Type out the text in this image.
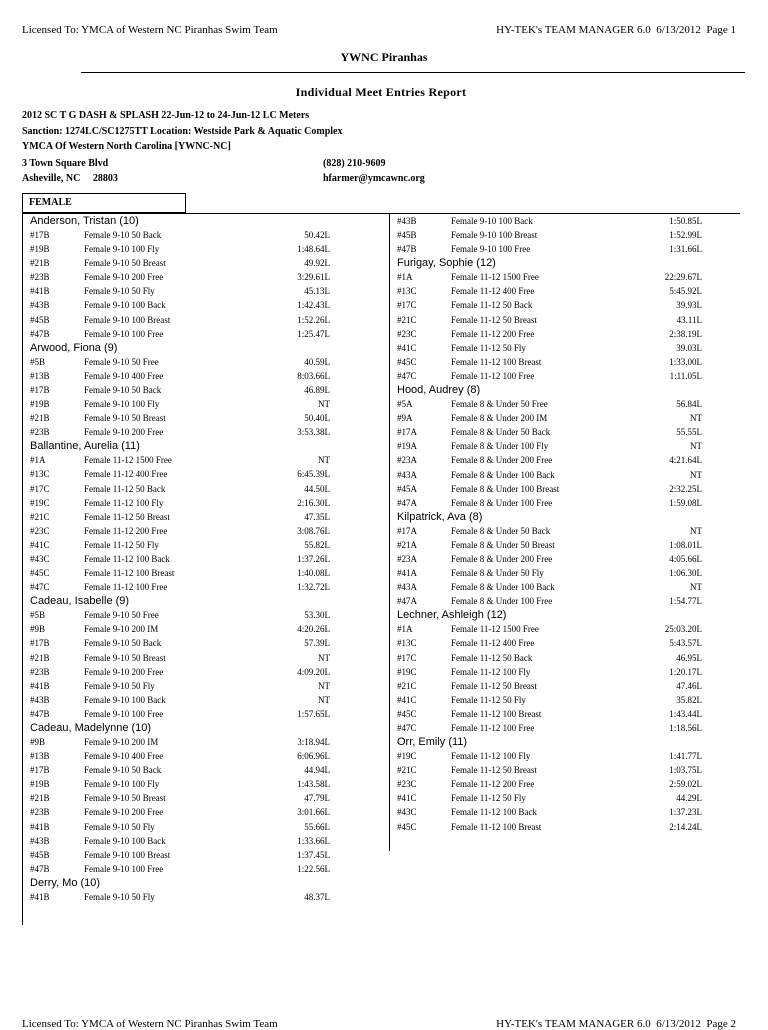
Licensed To: YMCA of Western NC Piranhas Swim Team	HY-TEK's TEAM MANAGER 6.0 6/13/2012 Page 1
YWNC Piranhas
Individual Meet Entries Report
2012 SC T G DASH & SPLASH 22-Jun-12 to 24-Jun-12 LC Meters
Sanction: 1274LC/SC1275TT Location: Westside Park & Aquatic Complex
YMCA Of Western North Carolina [YWNC-NC]
3 Town Square Blvd
Asheville, NC     28803
(828) 210-9609
hfarmer@ymcawnc.org
FEMALE
Anderson, Tristan (10)
#17B	Female 9-10 50 Back	50.42L
#19B	Female 9-10 100 Fly	1:48.64L
#21B	Female 9-10 50 Breast	49.92L
#23B	Female 9-10 200 Free	3:29.61L
#41B	Female 9-10 50 Fly	45.13L
#43B	Female 9-10 100 Back	1:42.43L
#45B	Female 9-10 100 Breast	1:52.26L
#47B	Female 9-10 100 Free	1:25.47L
Arwood, Fiona (9)
#5B	Female 9-10 50 Free	40.59L
#13B	Female 9-10 400 Free	8:03.66L
#17B	Female 9-10 50 Back	46.89L
#19B	Female 9-10 100 Fly	NT
#21B	Female 9-10 50 Breast	50.40L
#23B	Female 9-10 200 Free	3:53.38L
Ballantine, Aurelia (11)
#1A	Female 11-12 1500 Free	NT
#13C	Female 11-12 400 Free	6:45.39L
#17C	Female 11-12 50 Back	44.50L
#19C	Female 11-12 100 Fly	2:16.30L
#21C	Female 11-12 50 Breast	47.35L
#23C	Female 11-12 200 Free	3:08.76L
#41C	Female 11-12 50 Fly	55.82L
#43C	Female 11-12 100 Back	1:37.26L
#45C	Female 11-12 100 Breast	1:40.08L
#47C	Female 11-12 100 Free	1:32.72L
Cadeau, Isabelle (9)
#5B	Female 9-10 50 Free	53.30L
#9B	Female 9-10 200 IM	4:20.26L
#17B	Female 9-10 50 Back	57.39L
#21B	Female 9-10 50 Breast	NT
#23B	Female 9-10 200 Free	4:09.20L
#41B	Female 9-10 50 Fly	NT
#43B	Female 9-10 100 Back	NT
#47B	Female 9-10 100 Free	1:57.65L
Cadeau, Madelynne (10)
#9B	Female 9-10 200 IM	3:18.94L
#13B	Female 9-10 400 Free	6:06.96L
#17B	Female 9-10 50 Back	44.94L
#19B	Female 9-10 100 Fly	1:43.58L
#21B	Female 9-10 50 Breast	47.79L
#23B	Female 9-10 200 Free	3:01.66L
#41B	Female 9-10 50 Fly	55.66L
#43B	Female 9-10 100 Back	1:33.66L
#45B	Female 9-10 100 Breast	1:37.45L
#47B	Female 9-10 100 Free	1:22.56L
Derry, Mo (10)
#41B	Female 9-10 50 Fly	48.37L
#43B	Female 9-10 100 Back	1:50.85L
#45B	Female 9-10 100 Breast	1:52.99L
#47B	Female 9-10 100 Free	1:31.66L
Furigay, Sophie (12)
#1A	Female 11-12 1500 Free	22:29.67L
#13C	Female 11-12 400 Free	5:45.92L
#17C	Female 11-12 50 Back	39.93L
#21C	Female 11-12 50 Breast	43.11L
#23C	Female 11-12 200 Free	2:38.19L
#41C	Female 11-12 50 Fly	39.03L
#45C	Female 11-12 100 Breast	1:33.00L
#47C	Female 11-12 100 Free	1:11.05L
Hood, Audrey (8)
#5A	Female 8 & Under 50 Free	56.84L
#9A	Female 8 & Under 200 IM	NT
#17A	Female 8 & Under 50 Back	55.55L
#19A	Female 8 & Under 100 Fly	NT
#23A	Female 8 & Under 200 Free	4:21.64L
#43A	Female 8 & Under 100 Back	NT
#45A	Female 8 & Under 100 Breast	2:32.25L
#47A	Female 8 & Under 100 Free	1:59.08L
Kilpatrick, Ava (8)
#17A	Female 8 & Under 50 Back	NT
#21A	Female 8 & Under 50 Breast	1:08.01L
#23A	Female 8 & Under 200 Free	4:05.66L
#41A	Female 8 & Under 50 Fly	1:06.30L
#43A	Female 8 & Under 100 Back	NT
#47A	Female 8 & Under 100 Free	1:54.77L
Lechner, Ashleigh (12)
#1A	Female 11-12 1500 Free	25:03.20L
#13C	Female 11-12 400 Free	5:43.57L
#17C	Female 11-12 50 Back	46.95L
#19C	Female 11-12 100 Fly	1:20.17L
#21C	Female 11-12 50 Breast	47.46L
#41C	Female 11-12 50 Fly	35.82L
#45C	Female 11-12 100 Breast	1:43.44L
#47C	Female 11-12 100 Free	1:18.56L
Orr, Emily (11)
#19C	Female 11-12 100 Fly	1:41.77L
#21C	Female 11-12 50 Breast	1:03.75L
#23C	Female 11-12 200 Free	2:59.02L
#41C	Female 11-12 50 Fly	44.29L
#43C	Female 11-12 100 Back	1:37.23L
#45C	Female 11-12 100 Breast	2:14.24L
Licensed To: YMCA of Western NC Piranhas Swim Team	HY-TEK's TEAM MANAGER 6.0 6/13/2012 Page 2
